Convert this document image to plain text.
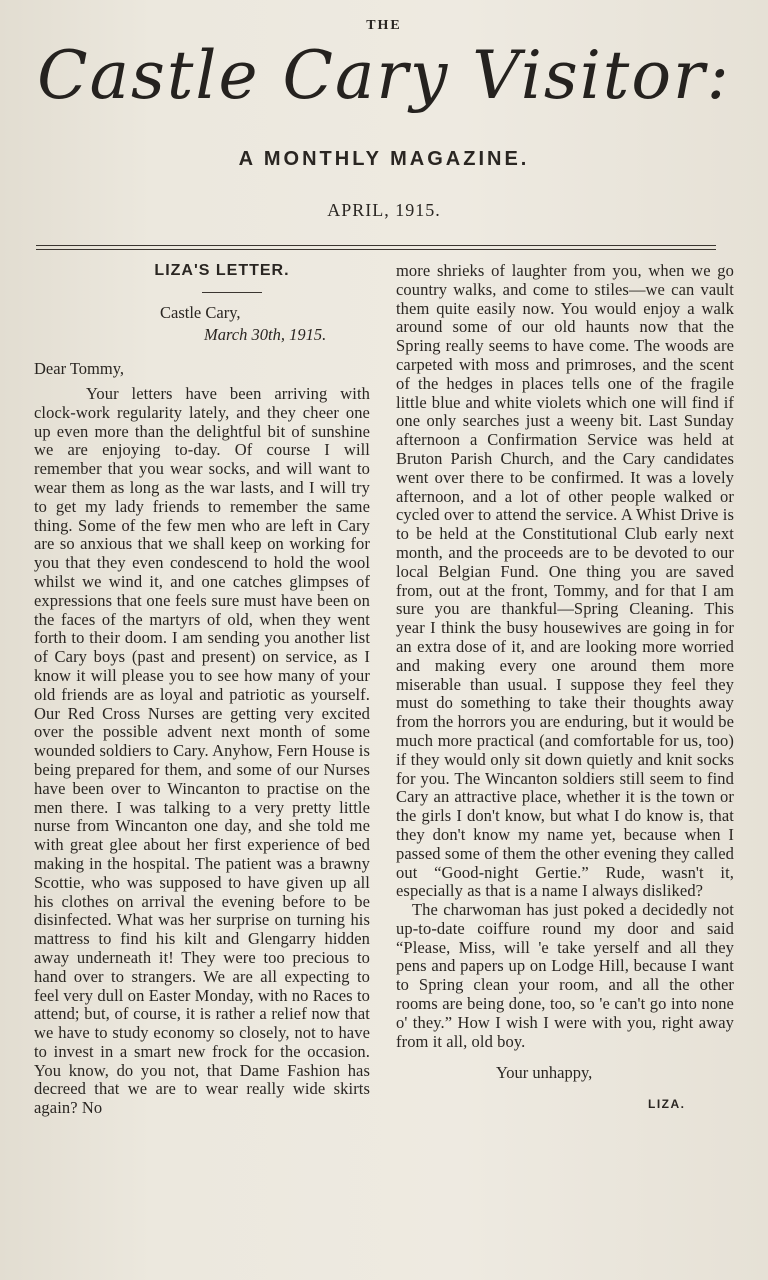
THE
Castle Cary Visitor:
A MONTHLY MAGAZINE.
APRIL, 1915.
LIZA'S LETTER.
Castle Cary,
March 30th, 1915.
Dear Tommy,

Your letters have been arriving with clock-work regularity lately, and they cheer one up even more than the delightful bit of sunshine we are enjoying to-day. Of course I will remember that you wear socks, and will want to wear them as long as the war lasts, and I will try to get my lady friends to remember the same thing. Some of the few men who are left in Cary are so anxious that we shall keep on working for you that they even condescend to hold the wool whilst we wind it, and one catches glimpses of expressions that one feels sure must have been on the faces of the martyrs of old, when they went forth to their doom. I am sending you another list of Cary boys (past and present) on service, as I know it will please you to see how many of your old friends are as loyal and patriotic as yourself. Our Red Cross Nurses are getting very excited over the possible advent next month of some wounded soldiers to Cary. Anyhow, Fern House is being prepared for them, and some of our Nurses have been over to Wincanton to practise on the men there. I was talking to a very pretty little nurse from Wincanton one day, and she told me with great glee about her first experience of bed making in the hospital. The patient was a brawny Scottie, who was supposed to have given up all his clothes on arrival the evening before to be disinfected. What was her surprise on turning his mattress to find his kilt and Glengarry hidden away underneath it! They were too precious to hand over to strangers. We are all expecting to feel very dull on Easter Monday, with no Races to attend; but, of course, it is rather a relief now that we have to study economy so closely, not to have to invest in a smart new frock for the occasion. You know, do you not, that Dame Fashion has decreed that we are to wear really wide skirts again? No

more shrieks of laughter from you, when we go country walks, and come to stiles—we can vault them quite easily now. You would enjoy a walk around some of our old haunts now that the Spring really seems to have come. The woods are carpeted with moss and primroses, and the scent of the hedges in places tells one of the fragile little blue and white violets which one will find if one only searches just a weeny bit. Last Sunday afternoon a Confirmation Service was held at Bruton Parish Church, and the Cary candidates went over there to be confirmed. It was a lovely afternoon, and a lot of other people walked or cycled over to attend the service. A Whist Drive is to be held at the Constitutional Club early next month, and the proceeds are to be devoted to our local Belgian Fund. One thing you are saved from, out at the front, Tommy, and for that I am sure you are thankful—Spring Cleaning. This year I think the busy housewives are going in for an extra dose of it, and are looking more worried and making every one around them more miserable than usual. I suppose they feel they must do something to take their thoughts away from the horrors you are enduring, but it would be much more practical (and comfortable for us, too) if they would only sit down quietly and knit socks for you. The Wincanton soldiers still seem to find Cary an attractive place, whether it is the town or the girls I don't know, but what I do know is, that they don't know my name yet, because when I passed some of them the other evening they called out “Good-night Gertie.” Rude, wasn't it, especially as that is a name I always disliked?

The charwoman has just poked a decidedly not up-to-date coiffure round my door and said “Please, Miss, will 'e take yerself and all they pens and papers up on Lodge Hill, because I want to Spring clean your room, and all the other rooms are being done, too, so 'e can't go into none o' they.” How I wish I were with you, right away from it all, old boy.

Your unhappy,
LIZA.
